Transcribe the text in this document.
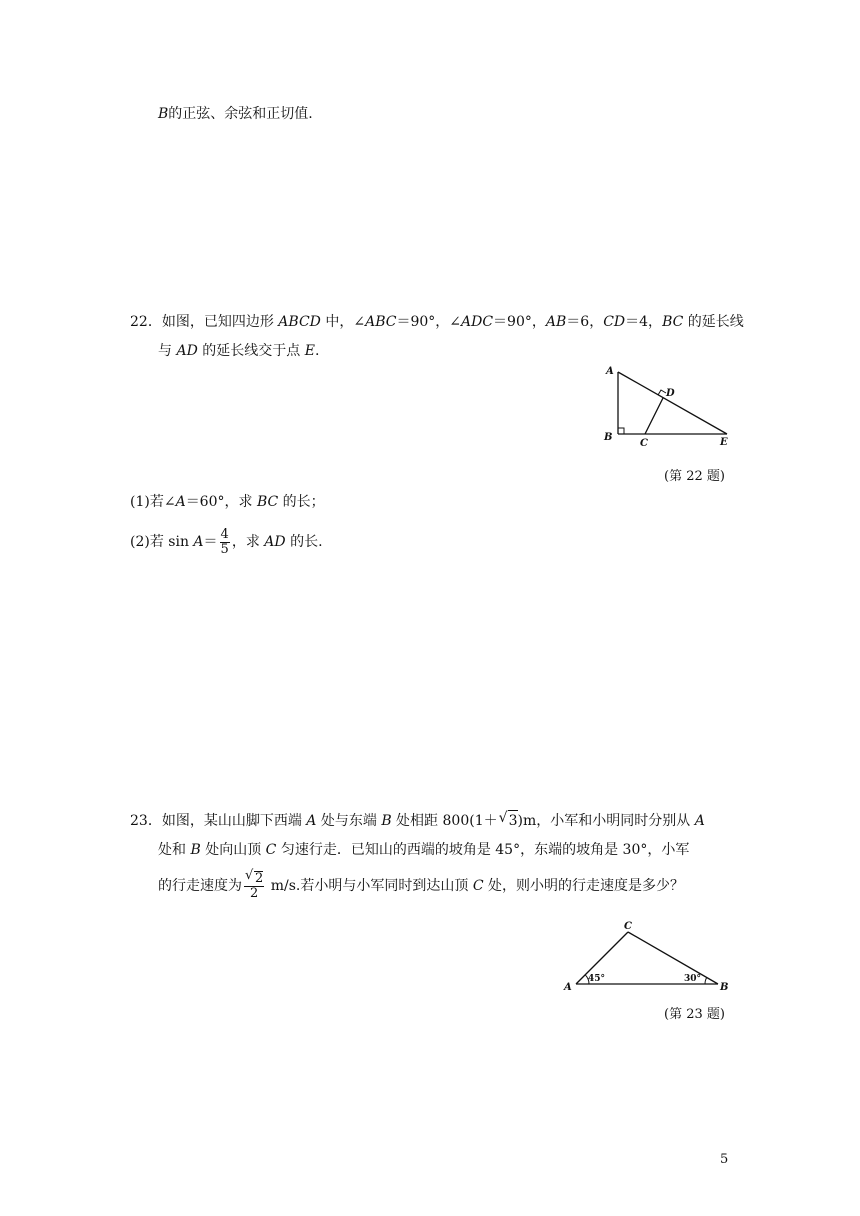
B的正弦、余弦和正切值.
22．如图，已知四边形 ABCD 中，∠ABC＝90°，∠ADC＝90°，AB＝6，CD＝4，BC 的延长线
与 AD 的延长线交于点 E.
A
B
C
D
E
(第 22 题)
(1)若∠A＝60°，求 BC 的长；
(2)若 $\sin A= \frac{4}{5}$ ，求 AD 的长.
23．如图，某山山脚下西端 A 处与东端 B 处相距 800(1＋ √ 3)m，小军和小明同时分别从 A
处和 B 处向山顶 C 匀速行走．已知山的西端的坡角是 45°，东端的坡角是 30°，小军
的行走速度为 √ $\frac{2}{2} m/s$.若小明与小军同时到达山顶 C 处，则小明的行走速度是多少？
C
A	B
45°	30°
(第 23 题)
5
